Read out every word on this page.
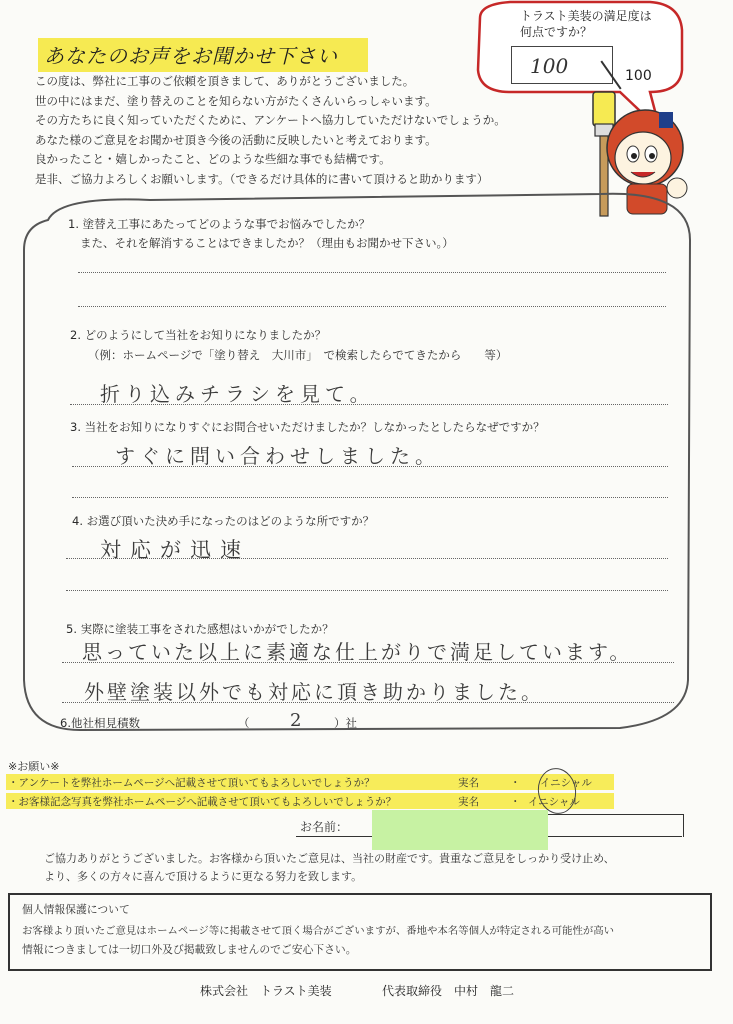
あなたのお声をお聞かせ下さい
この度は、弊社に工事のご依頼を頂きまして、ありがとうございました。
世の中にはまだ、塗り替えのことを知らない方がたくさんいらっしゃいます。
その方たちに良く知っていただくために、アンケートへ協力していただけないでしょうか。
あなた様のご意見をお聞かせ頂き今後の活動に反映したいと考えております。
良かったこと・嬉しかったこと、どのような些細な事でも結構です。
是非、ご協力よろしくお願いします。（できるだけ具体的に書いて頂けると助かります）
トラスト美装の満足度は
何点ですか？
100	100
1. 塗替え工事にあたってどのような事でお悩みでしたか？
また、それを解消することはできましたか？（理由もお聞かせ下さい。）
2. どのようにして当社をお知りになりましたか？
（例：ホームページで「塗り替え　大川市」　で検索したらでてきたから　　等）
折り込みチラシを見て。
3. 当社をお知りになりすぐにお問合せいただけましたか？しなかったとしたらなぜですか？
すぐに問い合わせしました。
4. お選び頂いた決め手になったのはどのような所ですか？
対応が迅速
5. 実際に塗装工事をされた感想はいかがでしたか？
思っていた以上に素適な仕上がりで満足しています。
外壁塗装以外でも対応に頂き助かりました。
6.他社相見積数	（ 2 ）社
※お願い※
・アンケートを弊社ホームページへ記載させて頂いてもよろしいでしょうか？	実名	・ イニシャル
・お客様記念写真を弊社ホームページへ記載させて頂いてもよろしいでしょうか？	実名	・ イニシャル
お名前：
ご協力ありがとうございました。お客様から頂いたご意見は、当社の財産です。貴重なご意見をしっかり受け止め、
より、多くの方々に喜んで頂けるように更なる努力を致します。
個人情報保護について
お客様より頂いたご意見はホームページ等に掲載させて頂く場合がございますが、番地や本名等個人が特定される可能性が高い
情報につきましては一切口外及び掲載致しませんのでご安心下さい。
株式会社　トラスト美装	代表取締役　中村　龍二
